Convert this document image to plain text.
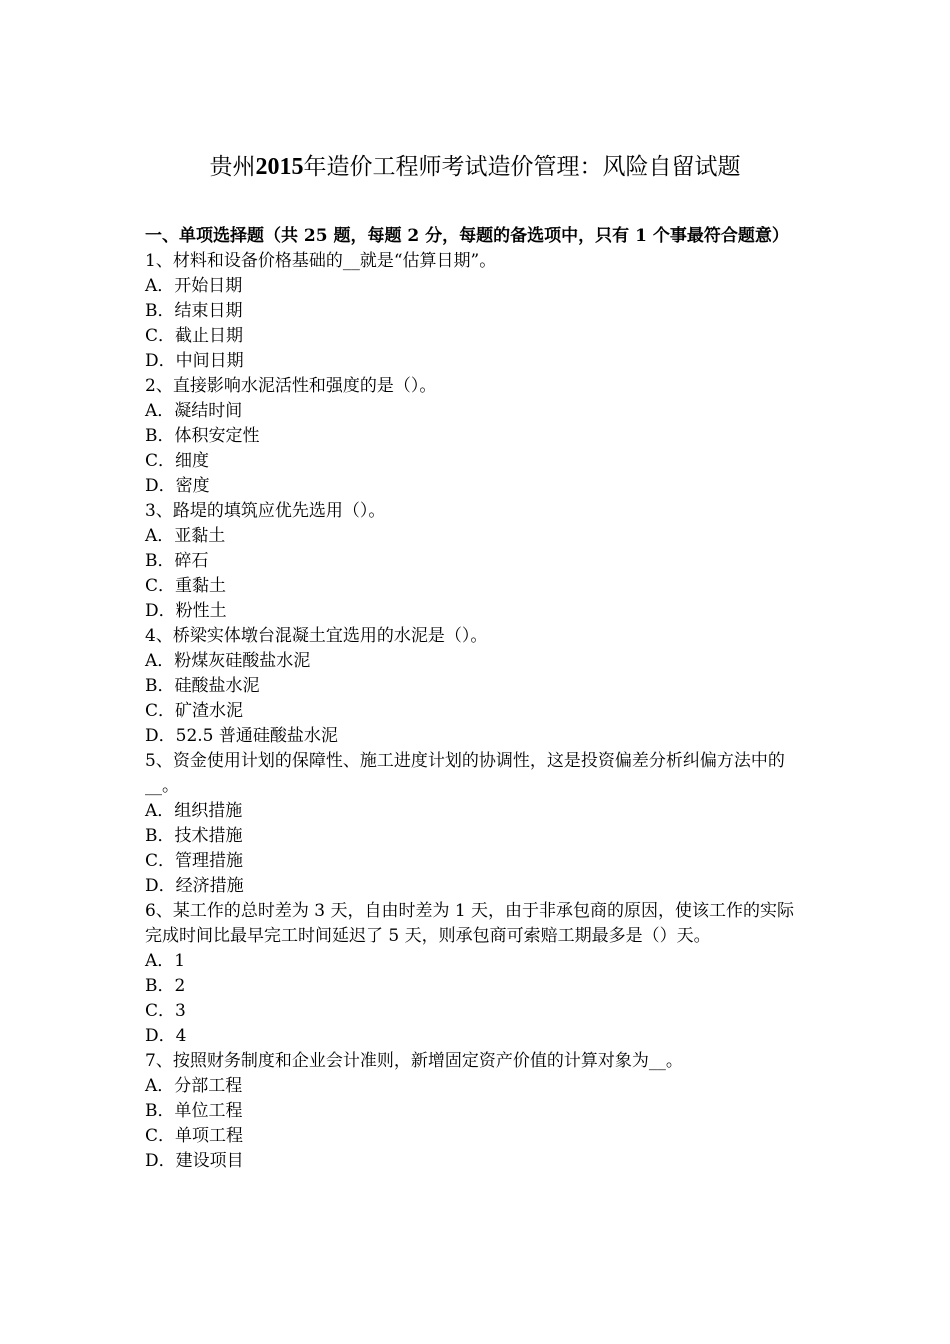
贵州2015年造价工程师考试造价管理：风险自留试题

一、单项选择题（共 25 题，每题 2 分，每题的备选项中，只有 1 个事最符合题意）

1、材料和设备价格基础的__就是“估算日期”。

A．开始日期

B．结束日期

C．截止日期

D．中间日期

2、直接影响水泥活性和强度的是（）。

A．凝结时间

B．体积安定性

C．细度

D．密度

3、路堤的填筑应优先选用（）。

A．亚黏土

B．碎石

C．重黏土

D．粉性土

4、桥梁实体墩台混凝土宜选用的水泥是（）。

A．粉煤灰硅酸盐水泥

B．硅酸盐水泥

C．矿渣水泥

D．52.5 普通硅酸盐水泥

5、资金使用计划的保障性、施工进度计划的协调性，这是投资偏差分析纠偏方法中的__。

A．组织措施

B．技术措施

C．管理措施

D．经济措施

6、某工作的总时差为 3 天，自由时差为 1 天，由于非承包商的原因，使该工作的实际完成时间比最早完工时间延迟了 5 天，则承包商可索赔工期最多是（）天。

A．1

B．2

C．3

D．4

7、按照财务制度和企业会计准则，新增固定资产价值的计算对象为__。

A．分部工程

B．单位工程

C．单项工程

D．建设项目
